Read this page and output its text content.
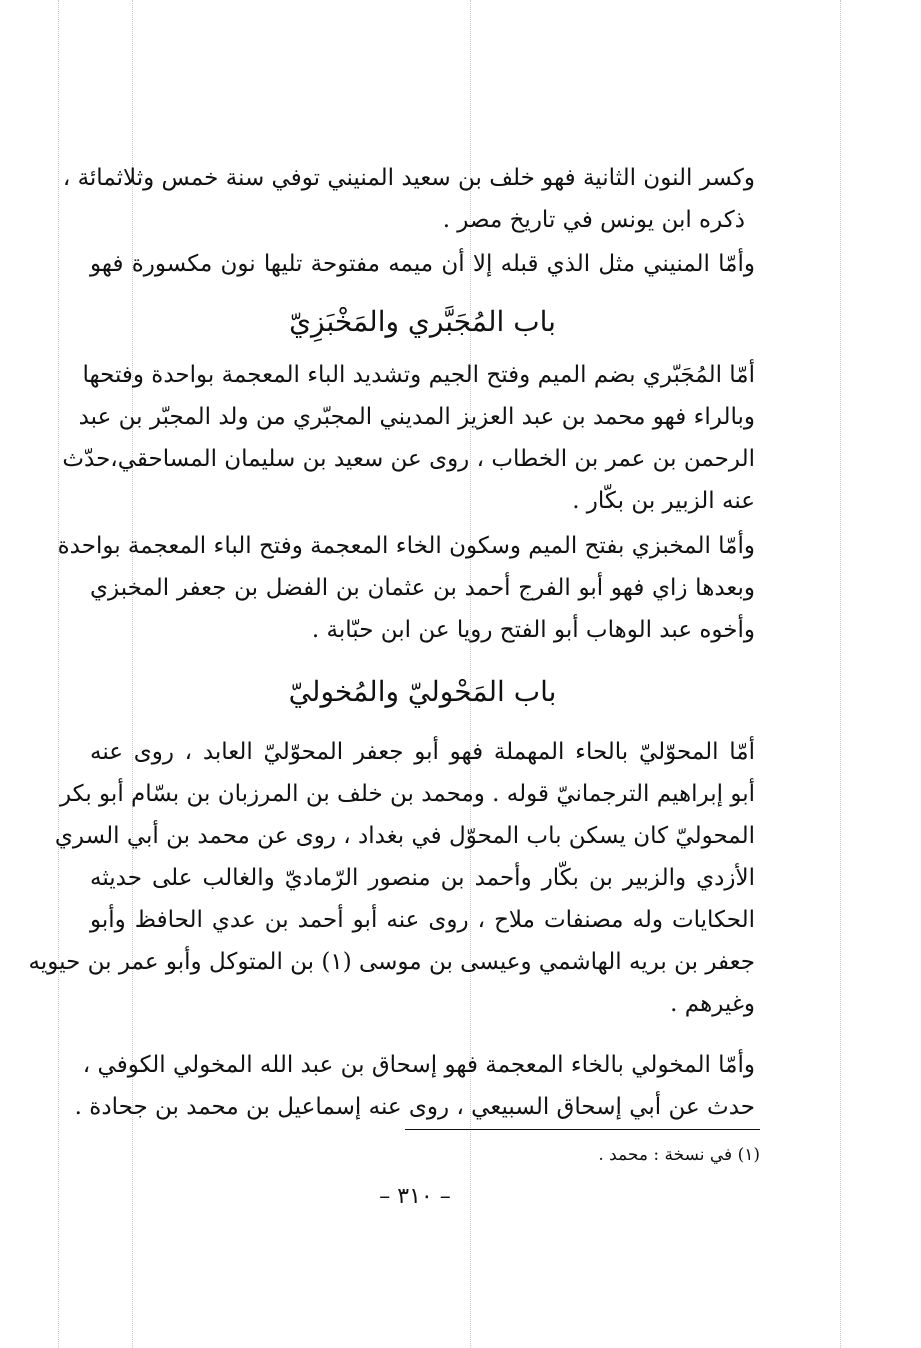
وكسر النون الثانية فهو خلف بن سعيد المنيني توفي سنة خمس وثلاثمائة ،
ذكره ابن يونس في تاريخ مصر .
وأمّا المنيني مثل الذي قبله إلا أن ميمه مفتوحة تليها نون مكسورة فهو
باب المُجَبَّري والمَخْبَزِيّ
أمّا المُجَبّري بضم الميم وفتح الجيم وتشديد الباء المعجمة بواحدة وفتحها
وبالراء فهو محمد بن عبد العزيز المديني المجبّري من ولد المجبّر بن عبد
الرحمن بن عمر بن الخطاب ، روى عن سعيد بن سليمان المساحقي،حدّث
عنه الزبير بن بكّار .
وأمّا المخبزي بفتح الميم وسكون الخاء المعجمة وفتح الباء المعجمة بواحدة
وبعدها زاي فهو أبو الفرج أحمد بن عثمان بن الفضل بن جعفر المخبزي
وأخوه عبد الوهاب أبو الفتح رويا عن ابن حبّابة .
باب المَحْوليّ والمُخوليّ
أمّا المحوّليّ بالحاء المهملة فهو أبو جعفر المحوّليّ العابد ، روى عنه
أبو إبراهيم الترجمانيّ قوله . ومحمد بن خلف بن المرزبان بن بسّام أبو بكر
المحوليّ كان يسكن باب المحوّل في بغداد ، روى عن محمد بن أبي السري
الأزدي والزبير بن بكّار وأحمد بن منصور الرّماديّ والغالب على حديثه
الحكايات وله مصنفات ملاح ، روى عنه أبو أحمد بن عدي الحافظ وأبو
جعفر بن بريه الهاشمي وعيسى بن موسى (١) بن المتوكل وأبو عمر بن حيويه
وغيرهم .
وأمّا المخولي بالخاء المعجمة فهو إسحاق بن عبد الله المخولي الكوفي ،
حدث عن أبي إسحاق السبيعي ، روى عنه إسماعيل بن محمد بن جحادة .
(١) في نسخة : محمد .
– ٣١٠ –
